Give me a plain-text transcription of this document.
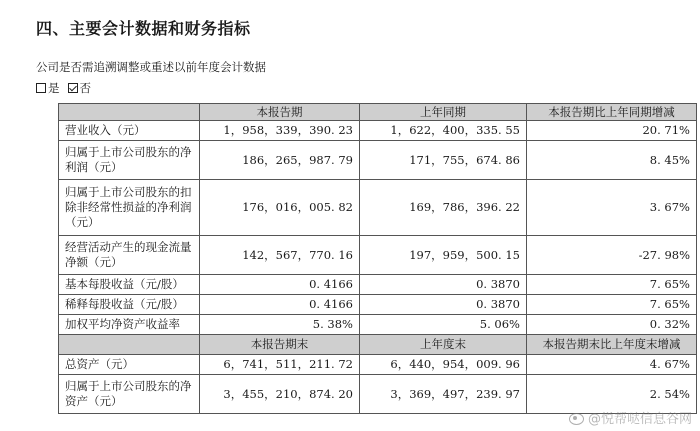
四、主要会计数据和财务指标
公司是否需追溯调整或重述以前年度会计数据
是 否
	本报告期	上年同期	本报告期比上年同期增减
营业收入（元）	1，958，339，390. 23	1，622，400，335. 55	20. 71%
归属于上市公司股东的净利润（元）	186，265，987. 79	171，755，674. 86	8. 45%
归属于上市公司股东的扣除非经常性损益的净利润（元）	176，016，005. 82	169，786，396. 22	3. 67%
经营活动产生的现金流量净额（元）	142，567，770. 16	197，959，500. 15	-27. 98%
基本每股收益（元/股）	0. 4166	0. 3870	7. 65%
稀释每股收益（元/股）	0. 4166	0. 3870	7. 65%
加权平均净资产收益率	5. 38%	5. 06%	0. 32%
	本报告期末	上年度末	本报告期末比上年度末增减
总资产（元）	6，741，511，211. 72	6，440，954，009. 96	4. 67%
归属于上市公司股东的净资产（元）	3，455，210，874. 20	3，369，497，239. 97	2. 54%
@悦帮哒信息谷网
